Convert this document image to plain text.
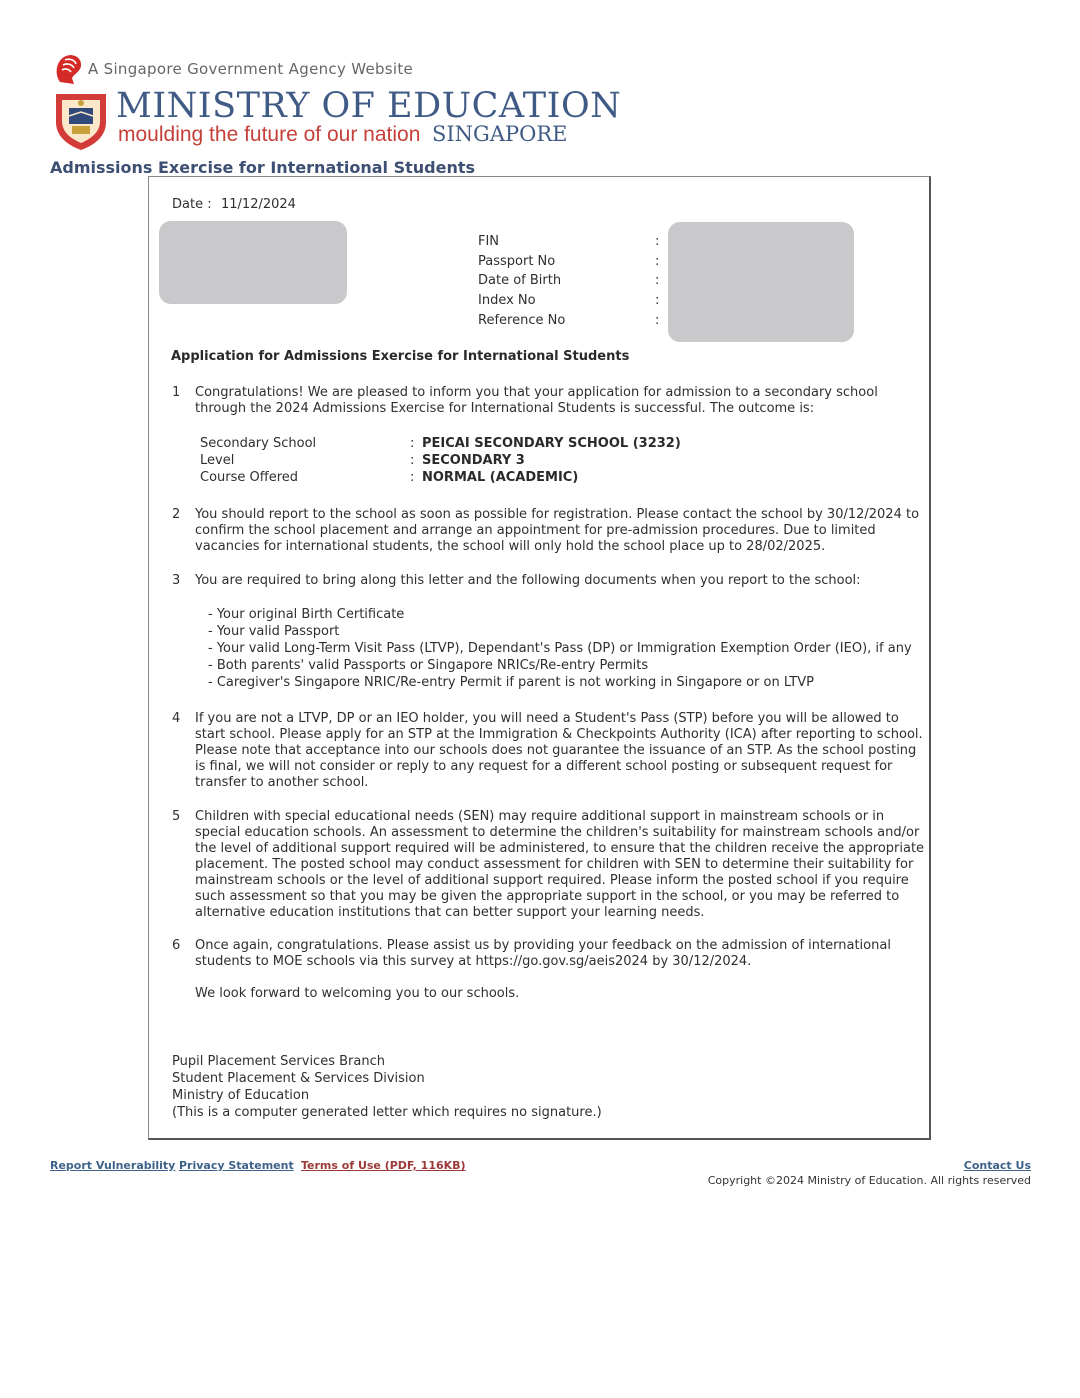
A Singapore Government Agency Website
MINISTRY OF EDUCATION
moulding the future of our nation SINGAPORE
Admissions Exercise for International Students
Date : 11/12/2024
FIN	:
Passport No	:
Date of Birth	:
Index No	:
Reference No	:
Application for Admissions Exercise for International Students
1 Congratulations! We are pleased to inform you that your application for admission to a secondary school through the 2024 Admissions Exercise for International Students is successful. The outcome is:
Secondary School	: PEICAI SECONDARY SCHOOL (3232)
Level	: SECONDARY 3
Course Offered	: NORMAL (ACADEMIC)
2 You should report to the school as soon as possible for registration. Please contact the school by 30/12/2024 to confirm the school placement and arrange an appointment for pre-admission procedures. Due to limited vacancies for international students, the school will only hold the school place up to 28/02/2025.
3 You are required to bring along this letter and the following documents when you report to the school:
- Your original Birth Certificate
- Your valid Passport
- Your valid Long-Term Visit Pass (LTVP), Dependant's Pass (DP) or Immigration Exemption Order (IEO), if any
- Both parents' valid Passports or Singapore NRICs/Re-entry Permits
- Caregiver's Singapore NRIC/Re-entry Permit if parent is not working in Singapore or on LTVP
4 If you are not a LTVP, DP or an IEO holder, you will need a Student's Pass (STP) before you will be allowed to start school. Please apply for an STP at the Immigration & Checkpoints Authority (ICA) after reporting to school. Please note that acceptance into our schools does not guarantee the issuance of an STP. As the school posting is final, we will not consider or reply to any request for a different school posting or subsequent request for transfer to another school.
5 Children with special educational needs (SEN) may require additional support in mainstream schools or in special education schools. An assessment to determine the children's suitability for mainstream schools and/or the level of additional support required will be administered, to ensure that the children receive the appropriate placement. The posted school may conduct assessment for children with SEN to determine their suitability for mainstream schools or the level of additional support required. Please inform the posted school if you require such assessment so that you may be given the appropriate support in the school, or you may be referred to alternative education institutions that can better support your learning needs.
6 Once again, congratulations. Please assist us by providing your feedback on the admission of international students to MOE schools via this survey at https://go.gov.sg/aeis2024 by 30/12/2024.
We look forward to welcoming you to our schools.
Pupil Placement Services Branch
Student Placement & Services Division
Ministry of Education
(This is a computer generated letter which requires no signature.)
Report Vulnerability Privacy Statement Terms of Use (PDF, 116KB)	Contact Us
Copyright ©2024 Ministry of Education. All rights reserved
